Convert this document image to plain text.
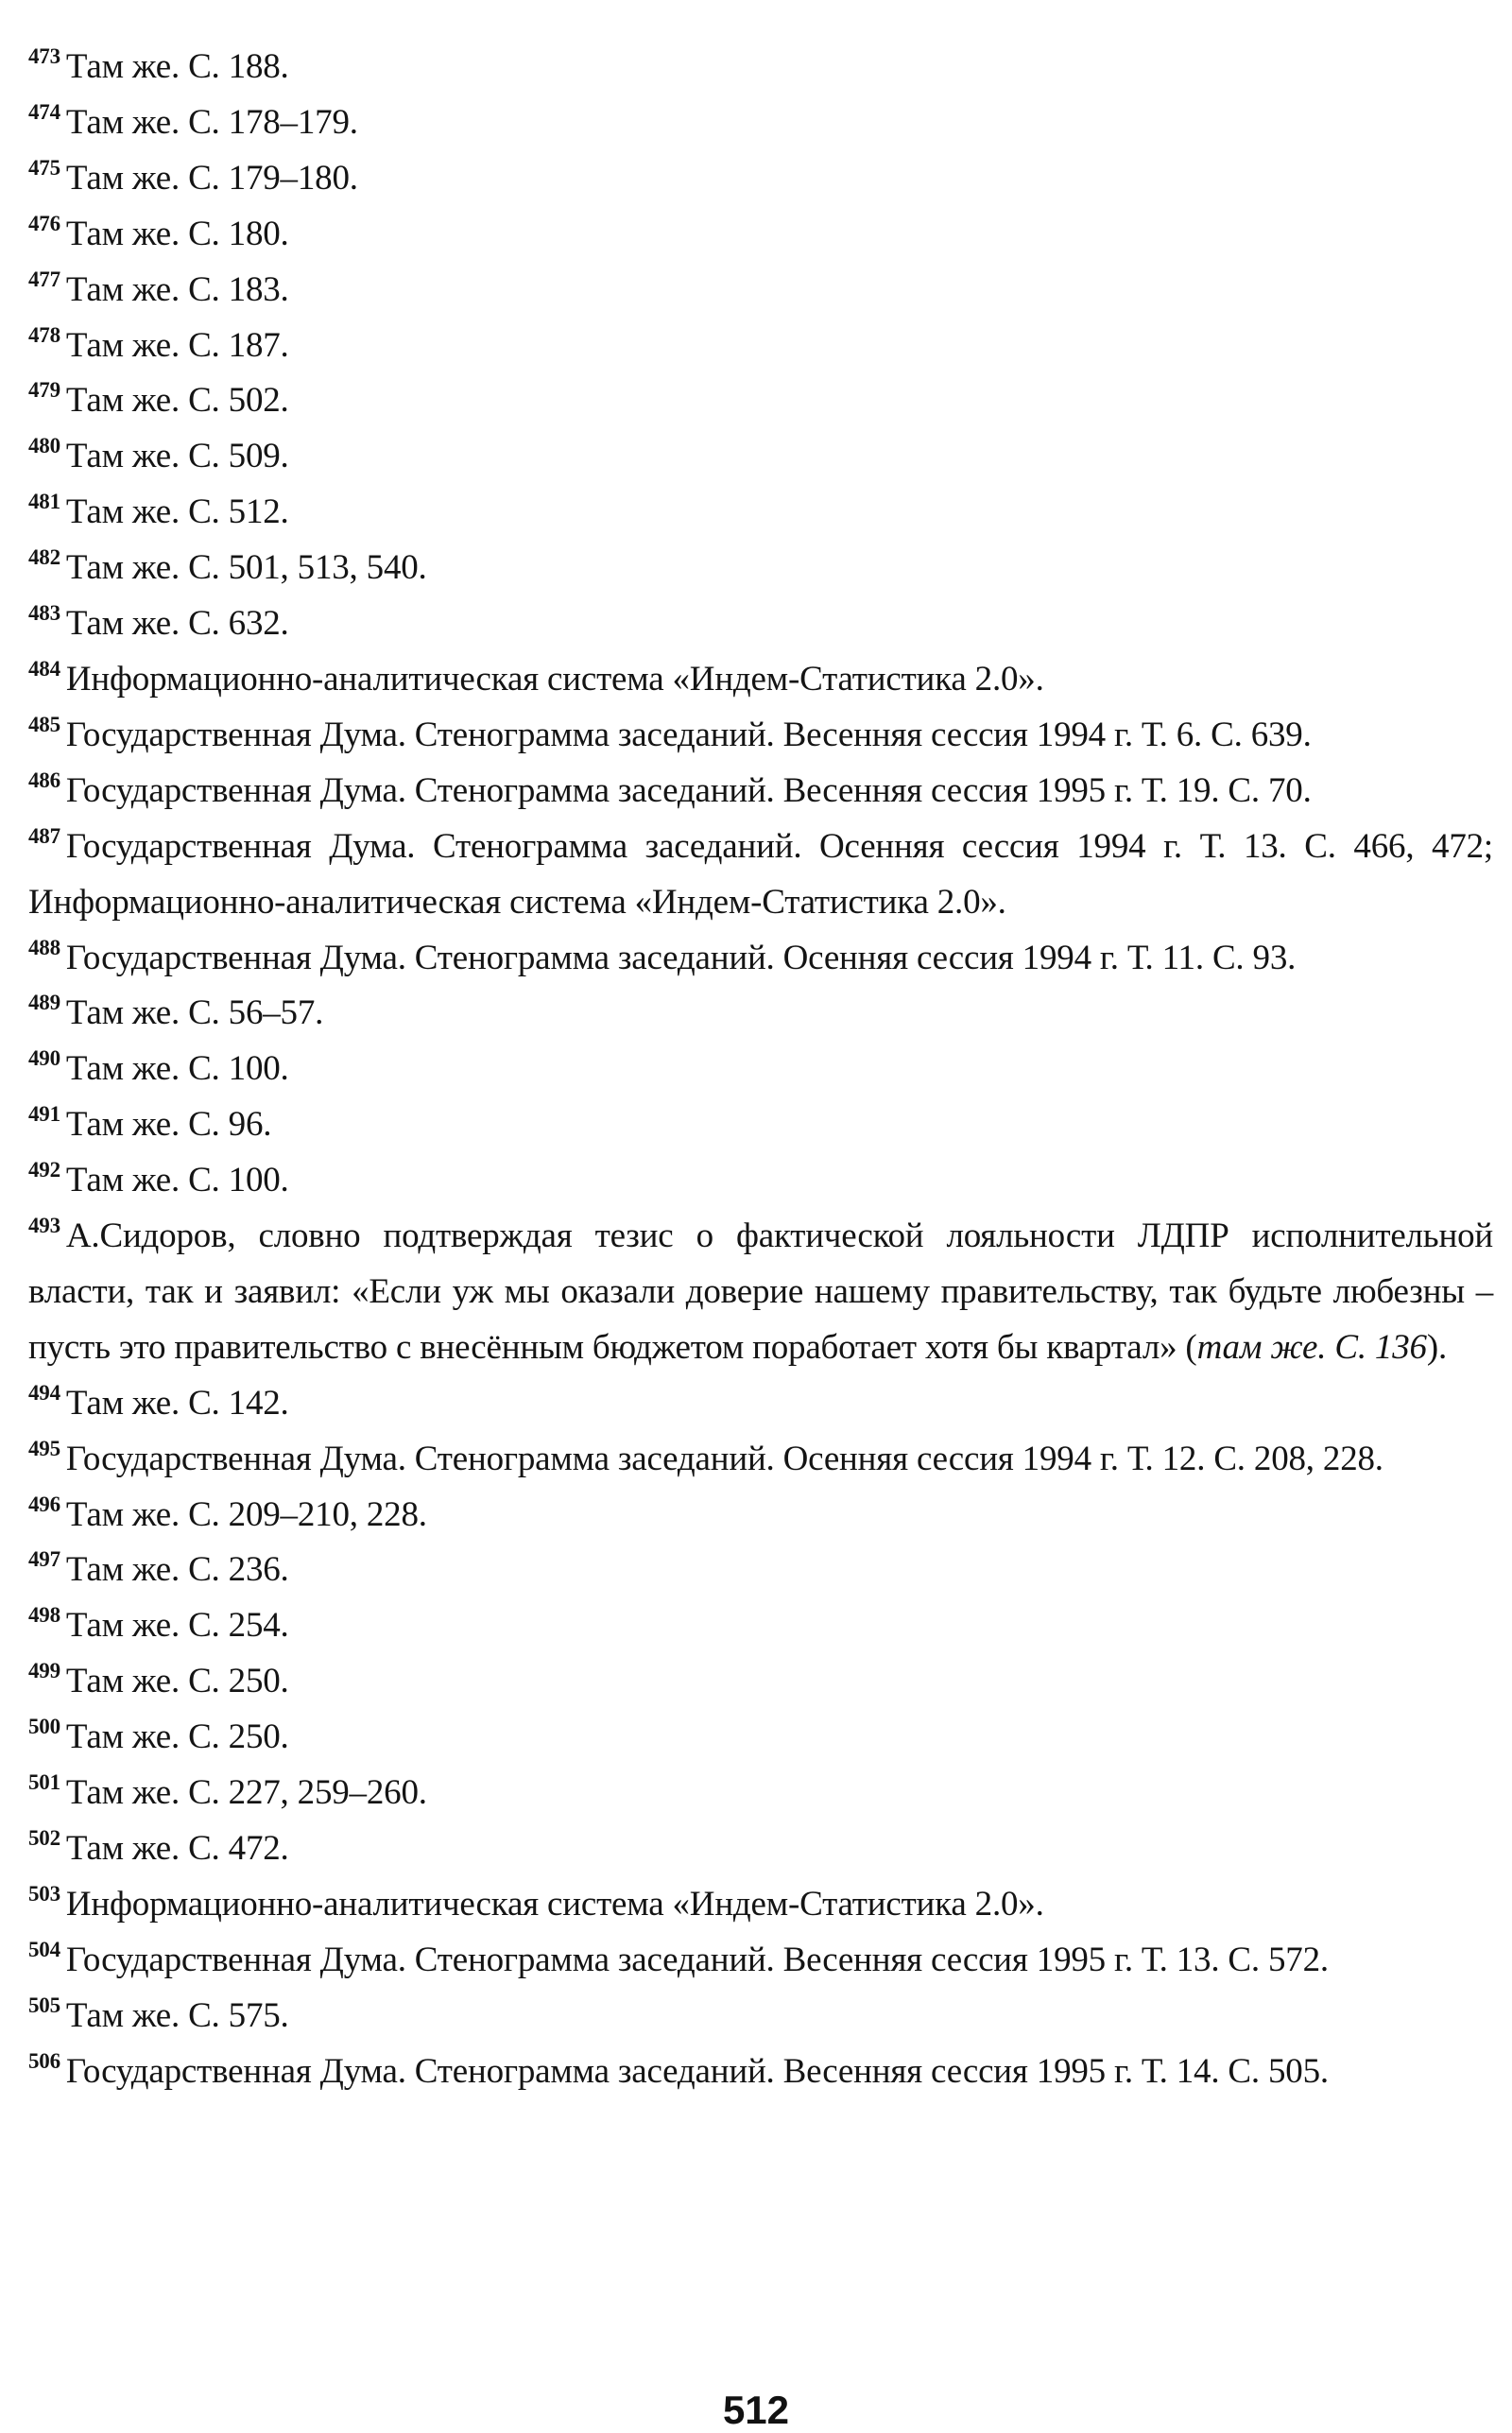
$^{473}$ Там же. С. 188.

$^{474}$ Там же. С. 178–179.

$^{475}$ Там же. С. 179–180.

$^{476}$ Там же. С. 180.

$^{477}$ Там же. С. 183.

$^{478}$ Там же. С. 187.

$^{479}$ Там же. С. 502.

$^{480}$ Там же. С. 509.

$^{481}$ Там же. С. 512.

$^{482}$ Там же. С. 501, 513, 540.

$^{483}$ Там же. С. 632.

$^{484}$ Информационно-аналитическая система «Индем-Статистика 2.0».

$^{485}$ Государственная Дума. Стенограмма заседаний. Весенняя сессия 1994 г. Т. 6. С. 639.

$^{486}$ Государственная Дума. Стенограмма заседаний. Весенняя сессия 1995 г. Т. 19. С. 70.

$^{487}$ Государственная Дума. Стенограмма заседаний. Осенняя сессия 1994 г. Т. 13. С. 466, 472; Информационно-аналитическая система «Индем-Статистика 2.0».

$^{488}$ Государственная Дума. Стенограмма заседаний. Осенняя сессия 1994 г. Т. 11. С. 93.

$^{489}$ Там же. С. 56–57.

$^{490}$ Там же. С. 100.

$^{491}$ Там же. С. 96.

$^{492}$ Там же. С. 100.

$^{493}$ А.Сидоров, словно подтверждая тезис о фактической лояльности ЛДПР исполнительной власти, так и заявил: «Если уж мы оказали доверие нашему правительству, так будьте любезны – пусть это правительство с внесённым бюджетом поработает хотя бы квартал» (там же. С. 136).

$^{494}$ Там же. С. 142.

$^{495}$ Государственная Дума. Стенограмма заседаний. Осенняя сессия 1994 г. Т. 12. С. 208, 228.

$^{496}$ Там же. С. 209–210, 228.

$^{497}$ Там же. С. 236.

$^{498}$ Там же. С. 254.

$^{499}$ Там же. С. 250.

$^{500}$ Там же. С. 250.

$^{501}$ Там же. С. 227, 259–260.

$^{502}$ Там же. С. 472.

$^{503}$ Информационно-аналитическая система «Индем-Статистика 2.0».

$^{504}$ Государственная Дума. Стенограмма заседаний. Весенняя сессия 1995 г. Т. 13. С. 572.

$^{505}$ Там же. С. 575.

$^{506}$ Государственная Дума. Стенограмма заседаний. Весенняя сессия 1995 г. Т. 14. С. 505.

512
